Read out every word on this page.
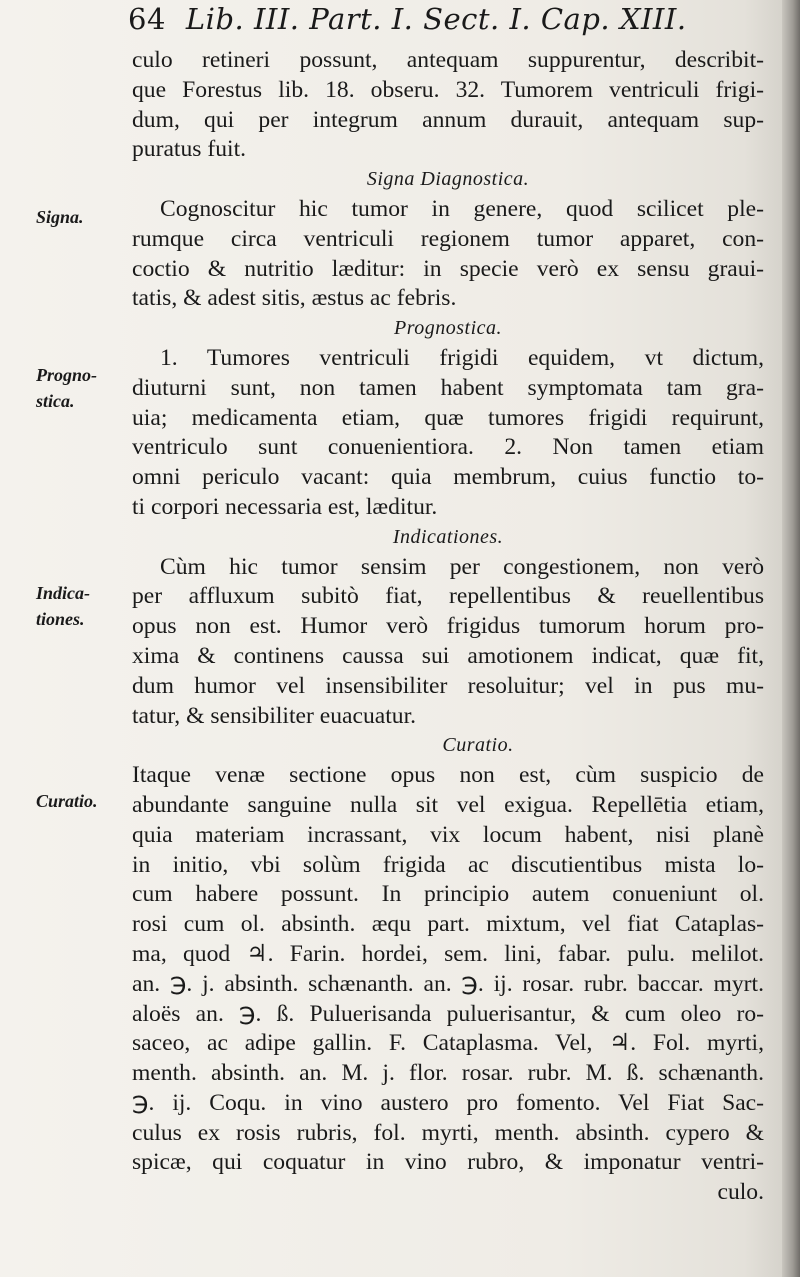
64 Lib. III. Part. I. Sect. I. Cap. XIII.
Signa.
Progno-
stica.
Indica-
tiones.
Curatio.

culo retineri possunt, antequam suppurentur, describit-
que Forestus lib. 18. obseru. 32. Tumorem ventriculi frigi-
dum, qui per integrum annum durauit, antequam sup-

puratus fuit.

Signa Diagnostica.

Cognoscitur hic tumor in genere, quod scilicet ple-
rumque circa ventriculi regionem tumor apparet, con-
coctio & nutritio læditur: in specie verò ex sensu graui-

tatis, & adest sitis, æstus ac febris.

Prognostica.

1. Tumores ventriculi frigidi equidem, vt dictum,
diuturni sunt, non tamen habent symptomata tam gra-
uia; medicamenta etiam, quæ tumores frigidi requirunt,
ventriculo sunt conuenientiora. 2. Non tamen etiam
omni periculo vacant: quia membrum, cuius functio to-

ti corpori necessaria est, læditur.

Indicationes.

Cùm hic tumor sensim per congestionem, non verò
per affluxum subitò fiat, repellentibus & reuellentibus
opus non est. Humor verò frigidus tumorum horum pro-
xima & continens caussa sui amotionem indicat, quæ fit,
dum humor vel insensibiliter resoluitur; vel in pus mu-

tatur, & sensibiliter euacuatur.

Curatio.

Itaque venæ sectione opus non est, cùm suspicio de
abundante sanguine nulla sit vel exigua. Repellētia etiam,
quia materiam incrassant, vix locum habent, nisi planè
in initio, vbi solùm frigida ac discutientibus mista lo-
cum habere possunt. In principio autem conueniunt ol.
rosi cum ol. absinth. æqu part. mixtum, vel fiat Cataplas-
ma, quod ♃. Farin. hordei, sem. lini, fabar. pulu. melilot.
an. ℈. j. absinth. schænanth. an. ℈. ij. rosar. rubr. baccar. myrt.
aloës an. ℈. ß. Puluerisanda puluerisantur, & cum oleo ro-
saceo, ac adipe gallin. F. Cataplasma. Vel, ♃. Fol. myrti,
menth. absinth. an. M. j. flor. rosar. rubr. M. ß. schænanth.
℈. ij. Coqu. in vino austero pro fomento. Vel Fiat Sac-
culus ex rosis rubris, fol. myrti, menth. absinth. cypero &
spicæ, qui coquatur in vino rubro, & imponatur ventri-

culo.
